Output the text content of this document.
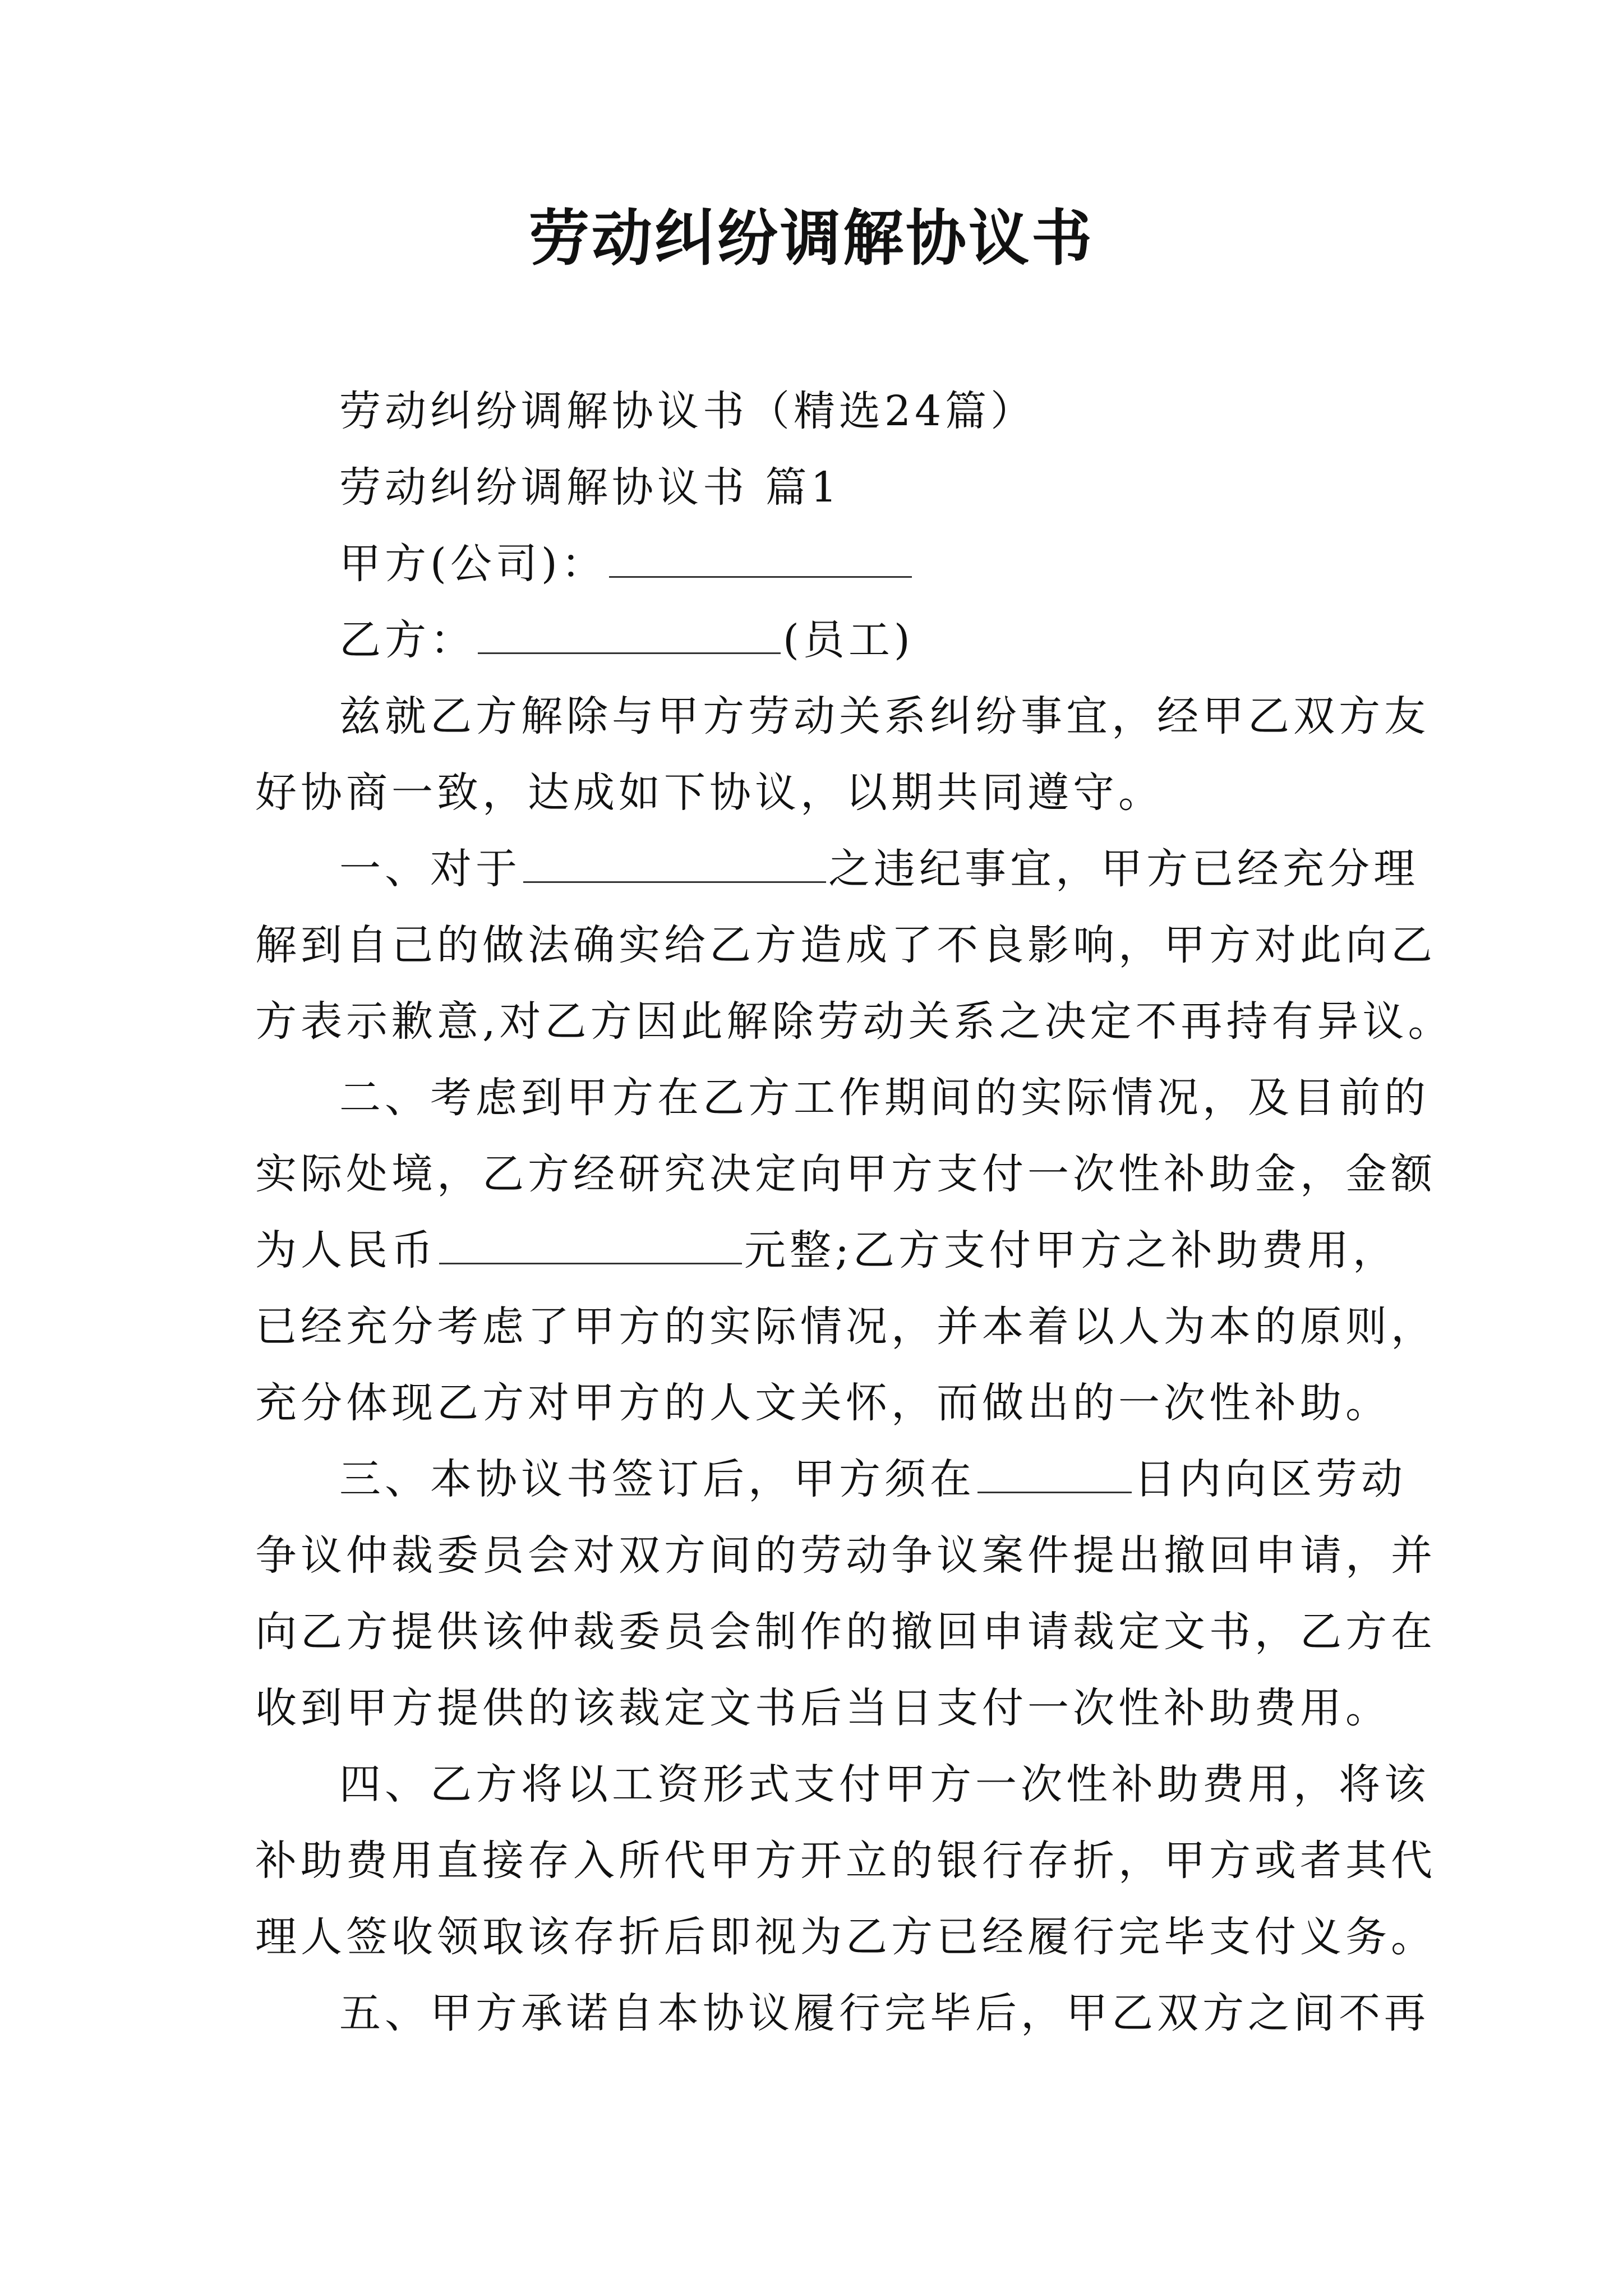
劳动纠纷调解协议书
劳动纠纷调解协议书（精选24篇）
劳动纠纷调解协议书 篇1
甲方(公司)：
乙方：	(员工)
兹就乙方解除与甲方劳动关系纠纷事宜，经甲乙双方友
好协商一致，达成如下协议，以期共同遵守。
一、对于	之违纪事宜，甲方已经充分理
解到自己的做法确实给乙方造成了不良影响，甲方对此向乙
方表示歉意,对乙方因此解除劳动关系之决定不再持有异议。
二、考虑到甲方在乙方工作期间的实际情况，及目前的
实际处境，乙方经研究决定向甲方支付一次性补助金，金额
为人民币	元整;乙方支付甲方之补助费用，
已经充分考虑了甲方的实际情况，并本着以人为本的原则，
充分体现乙方对甲方的人文关怀，而做出的一次性补助。
三、本协议书签订后，甲方须在	日内向区劳动
争议仲裁委员会对双方间的劳动争议案件提出撤回申请，并
向乙方提供该仲裁委员会制作的撤回申请裁定文书，乙方在
收到甲方提供的该裁定文书后当日支付一次性补助费用。
四、乙方将以工资形式支付甲方一次性补助费用，将该
补助费用直接存入所代甲方开立的银行存折，甲方或者其代
理人签收领取该存折后即视为乙方已经履行完毕支付义务。
五、甲方承诺自本协议履行完毕后，甲乙双方之间不再
